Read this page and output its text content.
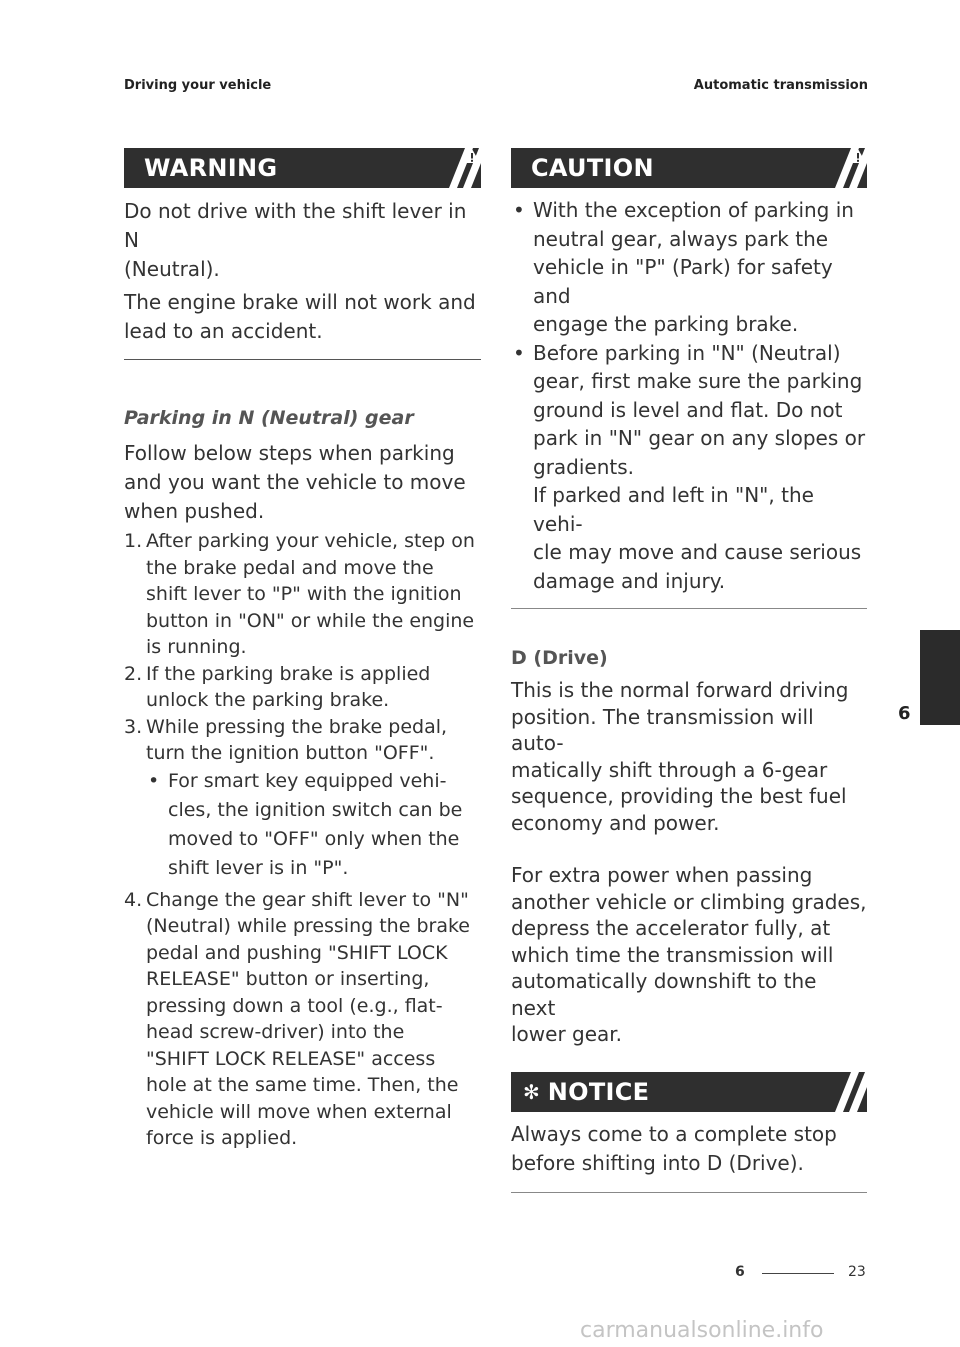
Driving your vehicle	Automatic transmission
WARNING

Do not drive with the shift lever in N

(Neutral).

The engine brake will not work and

lead to an accident.

Parking in N (Neutral) gear

Follow below steps when parking

and you want the vehicle to move

when pushed.

1. After parking your vehicle, step on
the brake pedal and move the
shift lever to "P" with the ignition
button in "ON" or while the engine
is running.
2. If the parking brake is applied
unlock the parking brake.
3. While pressing the brake pedal,
turn the ignition button "OFF".
• For smart key equipped vehi-
cles, the ignition switch can be
moved to "OFF" only when the
shift lever is in "P".
4. Change the gear shift lever to "N"
(Neutral) while pressing the brake
pedal and pushing "SHIFT LOCK
RELEASE" button or inserting,
pressing down a tool (e.g., flat-
head screw-driver) into the
"SHIFT LOCK RELEASE" access
hole at the same time. Then, the
vehicle will move when external
force is applied.
CAUTION
• With the exception of parking in
neutral gear, always park the
vehicle in "P" (Park) for safety and
engage the parking brake.
• Before parking in "N" (Neutral)
gear, first make sure the parking
ground is level and flat. Do not
park in "N" gear on any slopes or
gradients.
If parked and left in "N", the vehi-
cle may move and cause serious
damage and injury.

D (Drive)

This is the normal forward driving
position. The transmission will auto-
matically shift through a 6-gear
sequence, providing the best fuel
economy and power.
For extra power when passing
another vehicle or climbing grades,
depress the accelerator fully, at
which time the transmission will
automatically downshift to the next
lower gear.
✻ NOTICE

Always come to a complete stop

before shifting into D (Drive).

6
6	23
carmanualsonline.info
